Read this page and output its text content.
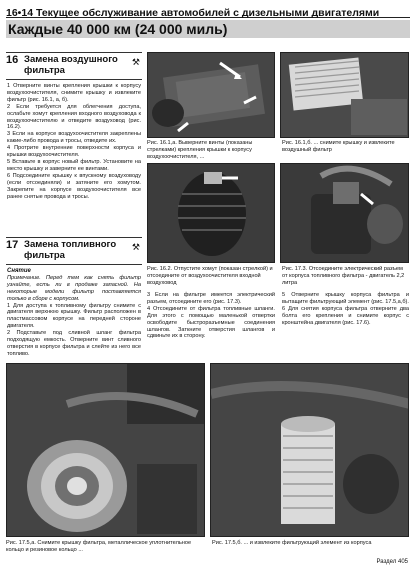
16•14 Текущее обслуживание автомобилей с дизельными двигателями
Каждые 40 000 км (24 000 миль)
16 Замена воздушного
фильтра
⚒
1 Отверните винты крепления крышки к корпусу воздухоочистителя, снимите крышку и извлеките фильтр (рис. 16.1, а, б).
2 Если требуется для облегчения доступа, ослабьте хомут крепления входного воздуховода к воздухоочистителю и отведите воздуховод (рис. 16.2).
3 Если на корпусе воздухоочистителя закреплены какие-либо провода и тросы, отведите их.
4 Протрите внутренние поверхности корпуса и крышки воздухоочистителя.
5 Вставьте в корпус новый фильтр. Установите на место крышку и заверните ее винтами.
6 Подсоедините крышку к впускному воздуховоду (если отсоединяли) и затяните его хомутом. Закрепите на корпусе воздухоочистителя все ранее снятые провода и тросы.
17 Замена топливного
фильтра
⚒
Снятие
Примечание. Перед тем как снять фильтр узнайте, есть ли в продаже запасной. На некоторые модели фильтр поставляется только в сборе с корпусом.
1 Для доступа к топливному фильтру снимите с двигателя верхнюю крышку. Фильтр расположен в пластмассовом корпусе на передней стороне двигателя.
2 Подставьте под сливной шланг фильтра подходящую емкость. Отверните винт сливного отверстия в корпусе фильтра и слейте из него все топливо.
Рис. 16.1,а. Выверните винты (показаны стрелками) крепления крышки к корпусу воздухоочистителя, ...
Рис. 16.1,б. ... снимите крышку и извлеките воздушный фильтр
Рис. 16.2. Отпустите хомут (показан стрелкой) и отсоедините от воздухоочистителя входной воздуховод
Рис. 17.3. Отсоедините электрический разъем от корпуса топливного фильтра - двигатель 2,2 литра
3 Если на фильтре имеется электрический разъем, отсоедините его (рис. 17.3).
4 Отсоедините от фильтра топливные шланги. Для этого с помощью маленькой отвертки освободите быстроразъемные соединения шлангов. Заткните отверстия шлангов и сдвиньте их в сторону.
5 Отверните крышку корпуса фильтра и вытащите фильтрующий элемент (рис. 17.5,а,б).
6 Для снятия корпуса фильтра отверните два болта его крепления и снимите корпус с кронштейна двигателя (рис. 17.6).
Рис. 17.5,а. Снимите крышку фильтра, металлическое уплотнительное кольцо и резиновое кольцо ...
Рис. 17.5,б. ... и извлеките фильтрующий элемент из корпуса
Раздел 405
